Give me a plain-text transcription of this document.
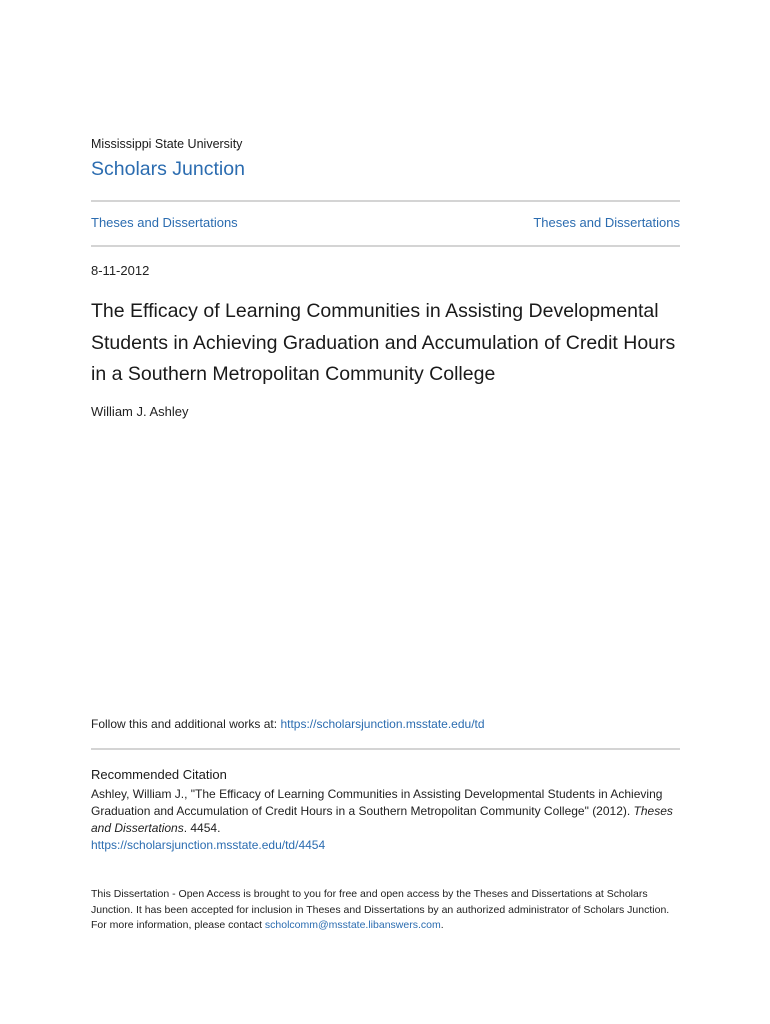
Mississippi State University
Scholars Junction
Theses and Dissertations	Theses and Dissertations
8-11-2012
The Efficacy of Learning Communities in Assisting Developmental Students in Achieving Graduation and Accumulation of Credit Hours in a Southern Metropolitan Community College
William J. Ashley
Follow this and additional works at: https://scholarsjunction.msstate.edu/td
Recommended Citation
Ashley, William J., "The Efficacy of Learning Communities in Assisting Developmental Students in Achieving Graduation and Accumulation of Credit Hours in a Southern Metropolitan Community College" (2012). Theses and Dissertations. 4454.
https://scholarsjunction.msstate.edu/td/4454
This Dissertation - Open Access is brought to you for free and open access by the Theses and Dissertations at Scholars Junction. It has been accepted for inclusion in Theses and Dissertations by an authorized administrator of Scholars Junction. For more information, please contact scholcomm@msstate.libanswers.com.
